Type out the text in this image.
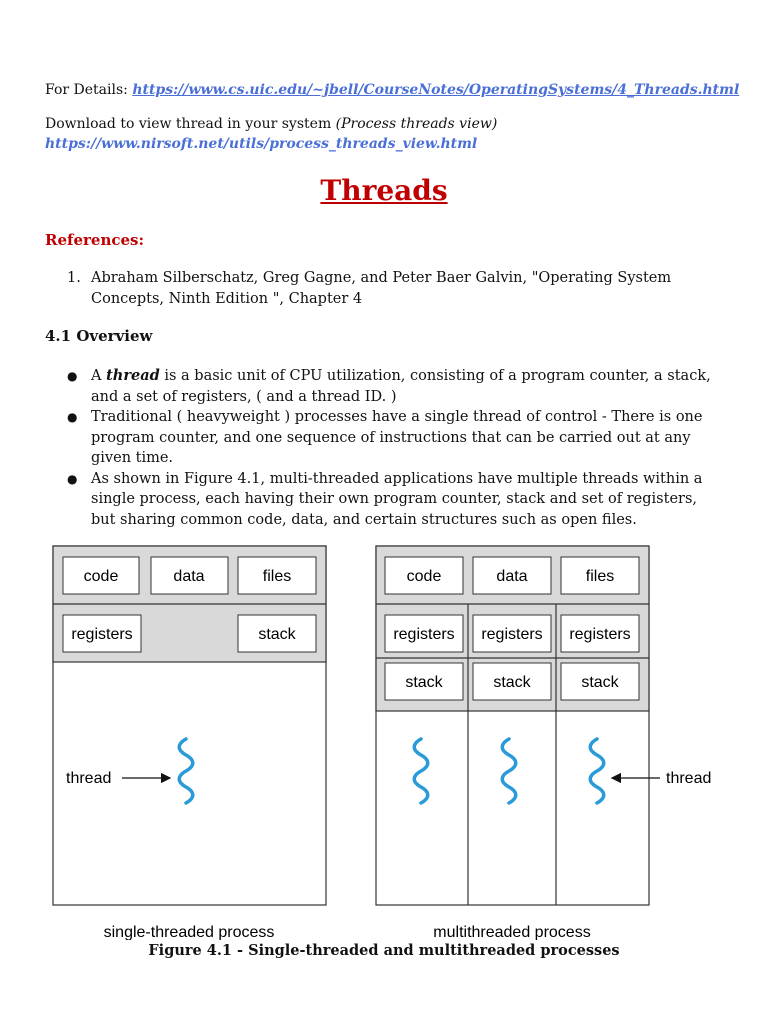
For Details: https://www.cs.uic.edu/~jbell/CourseNotes/OperatingSystems/4_Threads.html
Download to view thread in your system (Process threads view)
https://www.nirsoft.net/utils/process_threads_view.html
Threads
References:
1. Abraham Silberschatz, Greg Gagne, and Peter Baer Galvin, "Operating System Concepts, Ninth Edition ", Chapter 4
4.1 Overview
● A thread is a basic unit of CPU utilization, consisting of a program counter, a stack, and a set of registers, ( and a thread ID. )
● Traditional ( heavyweight ) processes have a single thread of control - There is one program counter, and one sequence of instructions that can be carried out at any given time.
● As shown in Figure 4.1, multi-threaded applications have multiple threads within a single process, each having their own program counter, stack and set of registers, but sharing common code, data, and certain structures such as open files.
code	data	files
registers	stack
thread
single-threaded process
code	data	files
registers registers registers
stack	stack	stack
thread
multithreaded process
Figure 4.1 - Single-threaded and multithreaded processes
